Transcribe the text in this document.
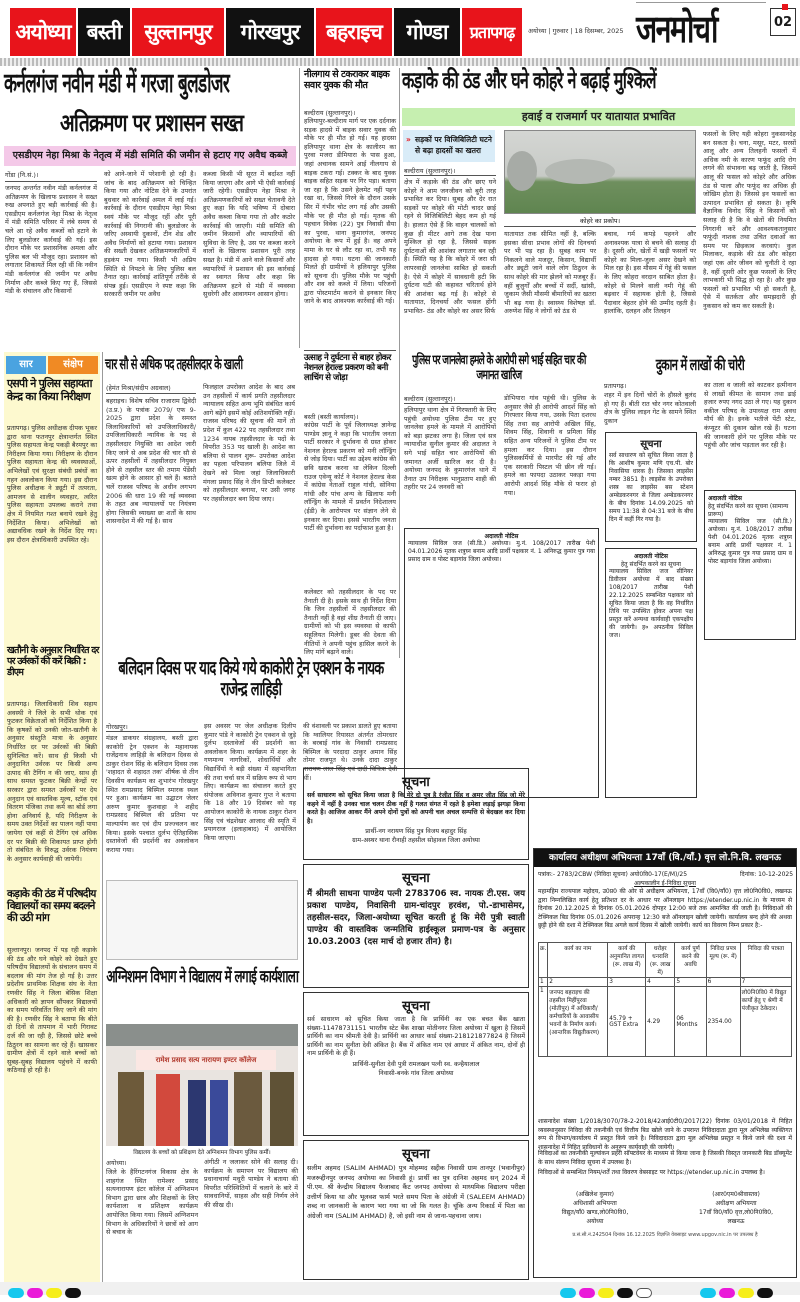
अयोध्या बस्ती	सुल्तानपुर	गोरखपुर	बहराइच	गोण्डा	प्रतापगढ़	अयोध्या | गुरुवार | 18 दिसम्बर, 2025 जनमोर्चा	02
कर्नलगंज नवीन मंडी में गरजा बुलडोजर
अतिक्रमण पर प्रशासन सख्त
एसडीएम नेहा मिश्रा के नेतृत्व में मंडी समिति की जमीन से हटाए गए अवैध कब्जे
गोंडा (नि.सं.)।
जनपद अन्तर्गत नवीन मंडी कर्नलगंज में अतिक्रमण के खिलाफ प्रशासन ने सख्त रुख अपनाते हुए बड़ी कार्रवाई की है। एसडीएम कर्नलगंज नेहा मिश्रा के नेतृत्व में मंडी समिति परिसर में लंबे समय से चले आ रहे अवैध कब्जों को हटाने के लिए बुलडोजर कार्रवाई की गई। इस दौरान मौके पर प्रशासनिक अमला और पुलिस बल भी मौजूद रहा। प्रशासन को लगातार शिकायतें मिल रही थीं कि नवीन मंडी कर्नलगंज की जमीन पर अवैध निर्माण और कब्जे किए गए हैं, जिससे मंडी के संचालन और किसानों
को आने-जाने में परेशानी हो रही है। जांच के बाद अतिक्रमण को चिन्हित किया गया और नोटिस देने के उपरांत बुधवार को कार्रवाई अमल में लाई गई। कार्रवाई के दौरान एसडीएम नेहा मिश्रा स्वयं मौके पर मौजूद रहीं और पूरी कार्रवाई की निगरानी की। बुलडोजर के जरिए अस्थायी दुकानों, टीन शेड और अवैध निर्माणों को हटाया गया। प्रशासन की सख्ती देखकर अतिक्रमणकारियों में हड़कंप मच गया। किसी भी अप्रिय स्थिति से निपटने के लिए पुलिस बल तैनात रहा। कार्रवाई शांतिपूर्ण तरीके से संपन्न हुई। एसडीएम ने स्पष्ट कहा कि सरकारी जमीन पर अवैध
कब्जा किसी भी सूरत में बर्दाश्त नहीं किया जाएगा और आगे भी ऐसी कार्रवाई जारी रहेगी। एसडीएम नेहा मिश्रा ने अतिक्रमणकारियों को सख्त चेतावनी देते हुए कहा कि यदि भविष्य में दोबारा अवैध कब्जा किया गया तो और कठोर कार्रवाई की जाएगी। मंडी समिति की जमीन किसानों और व्यापारियों की सुविधा के लिए है, उस पर कब्जा करने वालों के खिलाफ प्रशासन पूरी तरह सख्त है। मंडी में आने वाले किसानों और व्यापारियों ने प्रशासन की इस कार्रवाई का स्वागत किया और कहा कि अतिक्रमण हटने से मंडी में व्यवस्था सुधरेगी और आवागमन आसान होगा।
नीलगाय से टकराकर बाइक सवार युवक की मौत
बल्दीराय (सुल्तानपुर)।
हलियापुर-बल्दीराय मार्ग पर एक दर्दनाक सड़क हादसे में बाइक सवार युवक की मौके पर ही मौत हो गई। यह हादसा हलियापुर थाना क्षेत्र के कालीरम का पुरवा मजरा डीमियारा के पास हुआ, जहां अचानक सामने आई नीलगाय से बाइक टकरा गई। टक्कर के बाद युवक बाइक सहित सड़क पर गिर पड़ा। बताया जा रहा है कि उसने हेलमेट नहीं पहन रखा था, जिससे गिरने के दौरान उसके सिर में गंभीर चोट लग गई और उसकी मौके पर ही मौत हो गई। मृतक की पहचान विवेक (22) पुत्र निवासी सैया का पुरवा, थाना कुमारगंज, जनपद अयोध्या के रूप में हुई है। वह अपने मामा के घर से लौट रहा था, तभी यह हादसा हो गया। घटना की जानकारी मिलते ही ग्रामीणों ने हलियापुर पुलिस को सूचना दी। पुलिस मौके पर पहुंची और शव को कब्जे में लिया। परिजनों द्वारा पोस्टमार्टम कराने से इनकार किए जाने के बाद आवश्यक कार्रवाई की गई।
उत्साह ने दुर्घटना से बाहर होकर नेशनल हेराल्ड प्रकरण को बनी लाचिंग से जोड़ा
बस्ती (बस्ती कार्यालय)।
कांग्रेस पार्टी के पूर्व जिलाध्यक्ष ज्ञानेन्द्र पाण्डेय ज्ञानू ने कहा कि भारतीय जनता पार्टी सरकार ने दुर्भावना से ग्रस्त होकर नेशनल हेराल्ड प्रकरण को मनी लॉन्ड्रिंग से जोड़ दिया। पार्टी का उद्देश्य कांग्रेस की छवि खराब करना था लेकिन दिल्ली राउज एवेन्यू कोर्ट ने नेशनल हेराल्ड केस में कांग्रेस नेताओं राहुल गांधी, सोनिया गांधी और पांच अन्य के खिलाफ मनी लॉन्ड्रिंग के मामले में प्रवर्तन निदेशालय (ईडी) के आरोपपत्र पर संज्ञान लेने से इनकार कर दिया। इससे भारतीय जनता पार्टी की दुर्भावना का पर्दाफाश हुआ है।
कलेक्टर को तहसीलदार के पद पर तैनाती दी है। इसके साथ ही निर्देश दिया कि जिन तहसीलों में तहसीलदार की तैनाती नहीं है वहां शीघ्र तैनाती दी जाए। ग्रामीणों को भी इस व्यवस्था से काफी सहूलियत मिलेगी। डूबर की देवता की नीतियों ने अपनी पहुंच हासिल करने के लिए मांगें बढ़ाने वाले।
कड़ाके की ठंड और घने कोहरे ने बढ़ाई मुश्किलें
हवाई व राजमार्ग पर यातायात प्रभावित
» सड़कों पर विजिबिलिटी घटने से बढ़ा हादसों का खतरा
बल्दीराय (सुल्तानपुर)।
क्षेत्र में कड़ाके की ठंड और छाए घने कोहरे ने आम जनजीवन को बुरी तरह प्रभावित कर दिया। सुबह और देर रात सड़कों पर कोहरे की मोटी चादर छाई रहने से विजिबिलिटी बेहद कम हो गई है। हालात ऐसे हैं कि वाहन चालकों को कुछ ही मीटर आगे तक देख पाना मुश्किल हो रहा है, जिससे सड़क दुर्घटनाओं की आशंका लगातार बन रही है। स्थिति यह है कि कोहरे में जरा सी लापरवाही जानलेवा साबित हो सकती है। ऐसे में कोहरे में सावधानी हटी कि दुर्घटना घटी की कहावत चरितार्थ होने की आशंका बढ़ गई है। कोहरे से यातायात, दिनचर्या और फसल होंगी प्रभावित- ठंड और कोहरे का असर सिर्फ
कोहरे का प्रकोप।
यातायात तक सीमित नहीं है, बल्कि इसका सीधा प्रभाव लोगों की दिनचर्या पर भी पड़ रहा है। सुबह काम पर निकलने वाले मजदूर, किसान, विद्यार्थी और ड्यूटी जाने वाले लोग ठिठुरन के साथ कोहरे की मार झेलने को मजबूर हैं। वहीं बुजुर्गों और बच्चों में सर्दी, खांसी, जुकाम जैसी मौसमी बीमारियों का खतरा भी बढ़ गया है। स्वास्थ्य विशेषज्ञ डॉ. अरुणेश सिंह ने लोगों को ठंड से
बचाव, गर्म कपड़े पहनने और अनावश्यक यात्रा से बचने की सलाह दी है। दूसरी ओर, खेतों में खड़ी फसलों पर कोहरे का मिला-जुला असर देखने को मिल रहा है। इस मौसम में गेहूं की फसल के लिए कोहरा वरदान साबित होता है। कोहरे से मिलने वाली नमी गेहूं की बढ़वार में सहायक होती है, जिससे पैदावार बेहतर होने की उम्मीद रहती है। हालांकि, दलहन और तिलहन
फसलों के लिए यही कोहरा नुकसानदेह बन सकता है। चना, मसूर, मटर, सरसों आलू और अन्य तिलहनी फसलों में अधिक नमी के कारण फफूंद आदि रोग लगने की संभावना बढ़ जाती है, जिसमें आलू की फसल को कोहरे और अधिक ठंड से पाला और फफूंद का अधिक ही जोखिम होता है। जिससे इन फसलों का उत्पादन प्रभावित हो सकता है। कृषि वैज्ञानिक विनोद सिंह ने किसानों को सलाह दी है कि वे खेतों की नियमित निगरानी करें और आवश्यकतानुसार फफूंदी नाशक तथा उचित दवाओं का समय पर छिड़काव करवाएं। कुल मिलाकर, कड़ाके की ठंड और कोहरा जहां एक ओर जीवन को चुनौती दे रहा है, वहीं दूसरी ओर कुछ फसलों के लिए लाभकारी भी सिद्ध हो रहा है। और कुछ फसलों को प्रभावित भी हो सकती है, ऐसे में सतर्कता और समझदारी ही नुकसान को कम कर सकती है।
सार	संक्षेप
एसपी ने पुलिस सहायता केन्द्र का किया निरीक्षण
प्रतापगढ़। पुलिस अधीक्षक दीपक भूकर द्वारा थाना फतनपुर क्षेत्रान्तर्गत स्थित पुलिस सहायता केन्द्र पकड़ी बैरमपुर का निरीक्षण किया गया। निरीक्षण के दौरान पुलिस सहायता केन्द्र की व्यवस्थाओं, अभिलेखों एवं सुरक्षा संबंधी प्रबंधों का गहन अवलोकन किया गया। इस दौरान पुलिस अधीक्षक ने ड्यूटी में तत्परता, आमजन से शालीन व्यवहार, त्वरित पुलिस सहायता उपलब्ध कराने तथा क्षेत्र में नियमित गश्त बनाये रखने हेतु निर्देशित किया। अभिलेखों को अद्यावधिक रखने के निर्देश दिए गए। इस दौरान क्षेत्राधिकारी उपस्थित रहे।
खतौनी के अनुसार निर्धारित दर पर उर्वरकों की करें बिक्री : डीएम
प्रतापगढ़। जिलाधिकारी शिव सहाय अवस्थी ने जिले के सभी थोक एवं फुटकर विक्रेताओं को निर्देशित किया है कि कृषकों को उनकी जोत-खतौनी के अनुसार संस्तुति मात्रा के अनुसार निर्धारित दर पर उर्वरकों की बिक्री सुनिश्चित करें। साथ ही किसी भी अनुदानित उर्वरक पर किसी अन्य उत्पाद की टैगिंग न की जाए, साथ ही साथ समस्त फुटकर बिक्री केन्द्रों पर सरकार द्वारा समस्त उर्वरकों पर देय अनुदान एवं वास्तविक मूल्य, स्टॉक एवं वितरण पंजिका तथा कर्म का बोर्ड लगा होना अनिवार्य है, यदि निरीक्षण के समय उक्त निर्देशों का पालन नहीं पाया जायेगा एवं कहीं से टैगिंग एवं अधिक दर पर बिक्री की शिकायत प्राप्त होगी तो संबंधित के विरुद्ध उर्वरक नियंत्रण के अनुसार कार्यवाही की जायेगी।
कड़ाके की ठंड में परिषदीय विद्यालयों का समय बदलने की उठी मांग
सुल्तानपुर। जनपद में पड़ रही कड़ाके की ठंड और घने कोहरे को देखते हुए परिषदीय विद्यालयों के संचालन समय में बदलाव की मांग तेज हो गई है। उत्तर प्रदेशीय प्राथमिक शिक्षक संघ के नेता रणवीर सिंह ने जिला बेसिक शिक्षा अधिकारी को ज्ञापन सौंपकर विद्यालयों का समय परिवर्तित किए जाने की मांग की है। रणवीर सिंह ने बताया कि बीते दो दिनों से तापमान में भारी गिरावट दर्ज की जा रही है, जिससे छोटे बच्चे ठिठुरन का सामना कर रहे हैं। खासकर ग्रामीण क्षेत्रों में रहने वाले बच्चों को सुबह-सुबह विद्यालय पहुंचने में काफी कठिनाई हो रही है।
चार सौ से अधिक पद तहसीलदार के खाली
(हेमंत मिश्रा/संदीप अग्रवाल)
बहराइच। विशेष सचिव राजाराम द्विवेदी (उ.प्र.) के पत्रांक 2079/ एफ 9-2025 द्वारा प्रदेश के समस्त जिलाधिकारियों को उपजिलाधिकारी/ उपजिलाधिकारी न्यायिक के पद से तहसीलदार नियुक्ति का आदेश जारी किए जाने से अब प्रदेश की चार सौ से ऊपर तहसीलों में तहसीलदार नियुक्त होने से तहसील स्तर की तमाम पेंडेंसी खत्म होने के आसार हो चले हैं। बताते चलें राजस्व परिषद के अधीन लगभग 2006 की धारा 19 की नई व्यवस्था के तहत अब न्यायालयों पर नियंत्रण होगा जिसकी व्याख्या छः शर्तों के साथ शासनादेश में की गई है। साथ
फिलहाल उपरोक्त आदेश के बाद अब उन तहसीलों में कार्य प्रगति तहसीलदार न्यायालय सहित अन्य भूमि संबंधित कार्य आगे बढ़ेंगे इसमें कोई अतिशयोक्ति नहीं। राजस्व परिषद की सूचना की मानें तो प्रदेश में कुल 422 पद तहसीलदार तथा 1234 नायब तहसीलदार के पदों के विपरीत 353 पद खाली है। आदेश का बलिया से पालन शुरू- उपरोक्त आदेश का पहला परिपालन बलिया जिले में देखने को मिला जहां जिलाधिकारी मंगला प्रसाद सिंह ने तीन डिप्टी कलेक्टर को तहसीलदार बनाया, पर उसी जगह पर तहसीलदार बना दिया जाए।
पुलिस पर जानलेवा हमले के आरोपी सगे भाई सहित चार की जमानत खारिज
बल्दीराय (सुल्तानपुर)।
हलियापुर थाना क्षेत्र में गिरफ्तारी के लिए पहुंची अयोध्या पुलिस टीम पर हुए जानलेवा हमले के मामले में आरोपियों को बड़ा झटका लगा है। जिला एवं सत्र न्यायाधीश सुनील कुमार की अदालत ने सगे भाई सहित चार आरोपियों की जमानत अर्जी खारिज कर दी है। अयोध्या जनपद के कुमारगंज थाने में तैनात उप निरीक्षक भानुप्रताप शाही की तहरीर पर 24 जनवरी को
डोभियारा गांव पहुंची थी। पुलिस के अनुसार जैसे ही आरोपी आदर्श सिंह को गिरफ्तार किया गया, उसके पिता दशरथ सिंह तथा सह आरोपी अखिल सिंह, शिवम सिंह, शिवानी व प्रमिला सिंह सहित अन्य परिजनों ने पुलिस टीम पर हमला कर दिया। इस दौरान पुलिसकर्मियों से मारपीट की गई और एक सरकारी पिस्टल भी छीन ली गई। हमले का फायदा उठाकर पकड़ा गया आरोपी आदर्श सिंह मौके से फरार हो गया।
दुकान में लाखों की चोरी
प्रतापगढ़।
शहर में इन दिनों चोरों के हौसले बुलंद हो गए हैं। बीती रात चोर नगर कोतवाली क्षेत्र के पुलिस लाइन गेट के सामने स्थित दुकान
का ताला व जाली को काटकर इत्मीनान से लाखों कीमत के सामान तथा ढाई हजार रुपए नगद उठा ले गए। यह दुकान वकील परिषद के उपाध्यक्ष राम अवध मौर्य की है। इनके भतीजे पेंटी स्टेट, कंप्यूटर की दुकान खोल रखे हैं। घटना की जानकारी होने पर पुलिस मौके पर पहुंची और जांच पड़ताल कर रही है।
सूचना
सर्व साधारण को सूचित किया जाता है कि आशीष कुमार मणि एच.पी. बोर निवासिया धारक है। जिसका लाइसेंस नम्बर 3851 है। लाइसेंस के उपरोक्त शस्त्र का लाइसेंस बस स्टेशन अम्बेडकरनगर से जिला अम्बेडकरनगर के बीच दिनांक 14.09.2025 को समय 11:38 से 04:31 बजे के बीच दिन में कहीं गिर गया है।
अदालती नोटिस
हेतु संदर्भित करने का सूचना (सामान्य प्रारूप)
न्यायालय सिविल जज (सी.डि.) अयोध्या। मु.नं. 108/2017 तारीख पेशी 04.01.2026 मृतक शत्रुघ्न बनाम आदि प्रार्थी पक्षकार नं. 1 अनिरुद्ध कुमार पुत्र गया प्रसाद ग्राम व पोस्ट बड़ागांव जिला अयोध्या।
अदालती नोटिस
हेतु संदर्भित करने का सूचना
न्यायालय सिविल जज सीनियर डिवीजन अयोध्या में बाद संख्या 108/2017 तारीख पेशी 22.12.2025 सम्बन्धित पक्षकार को सूचित किया जाता है कि वह निर्धारित तिथि पर उपस्थित होकर अपना पक्ष प्रस्तुत करें अन्यथा कार्यवाही एकपक्षीय की जायेगी। ह० अपठनीय सिविल जज।
अदालती नोटिस
न्यायालय सिविल जज (सी.डि.) अयोध्या। मु.नं. 108/2017 तारीख पेशी 04.01.2026 मृतक शत्रुघ्न बनाम आदि प्रार्थी पक्षकार नं. 1 अनिरुद्ध कुमार पुत्र गया प्रसाद ग्राम व पोस्ट बड़ागांव जिला अयोध्या।
बलिदान दिवस पर याद किये गये काकोरी ट्रेन एक्शन के नायक राजेन्द्र लाहिड़ी
गोरखपुर।
मंडल डाकघर संग्रहालय, बस्ती द्वारा काकोरी ट्रेन एक्शन के महानायक राजेंद्रनाथ लाहिड़ी के बलिदान दिवस से ठाकुर रोशन सिंह के बलिदान दिवस तक 'शहादत से शहादत तक' शीर्षक से तीन दिवसीय कार्यक्रम का शुभारंभ गोरखपुर स्थित रामप्रसाद बिस्मिल स्मारक स्थल पर हुआ। कार्यक्रम का उद्घाटन जेलर अरुण कुमार कुशवाहा ने शहीद रामप्रसाद बिस्मिल की प्रतिमा पर माल्यार्पण कर एवं दीप प्रज्ज्वलन कर किया। इसके पश्चात दुर्लभ ऐतिहासिक दस्तावेजों की प्रदर्शनी का अवलोकन कराया गया।
इस अवसर पर जेल अधीक्षक दिलीप कुमार पांडे ने काकोरी ट्रेन एक्शन से जुड़े दुर्लभ दस्तावेजों की प्रदर्शनी का अवलोकन किया। कार्यक्रम में शहर के गणमान्य नागरिकों, शोधार्थियों और विद्यार्थियों ने बड़ी संख्या में सहभागिता की तथा चर्चा सत्र में सक्रिय रूप से भाग लिए। कार्यक्रम का संचालन करते हुए संयोजक अविनाश कुमार गुप्त ने बताया कि 18 और 19 दिसंबर को यह आयोजन काकोरी के नायक ठाकुर रोशन सिंह एवं चंद्रशेखर आजाद की स्मृति में प्रयागराज (इलाहाबाद) में आयोजित किया जाएगा।
की वंशावली पर प्रकाश डालते हुए बताया कि ग्वालियर रियासत अंतर्गत तोमरधार के बरबाई गांव के निवासी रामप्रसाद बिस्मिल के परदादा ठाकुर अमान सिंह तोमर राजपूत थे। उनके दादा ठाकुर नारायण लाल सिंह एवं दादी विचित्रा देवी थीं।	सूचना
सर्व साधारण को सूचित किया जाता है कि मेरे दो पुत्र है रंजीत सिंह व अमर जीत सिंह जो मेरे कहने में नहीं है उनका चाल चलन ठीक नहीं है गलत संगत में रहते है हमेशा लड़ाई झगड़ा किया करते है। आजिज आकर मैंने अपने दोनों पुत्रों को अपनी चल अचल सम्पत्ति से बेदखल कर दिया है।
प्रार्थी-नग नरायण सिंह पुत्र विजय बहादुर सिंह
ग्राम-अस्थर थाना रौनाही तहसील सोहावल जिला अयोध्या
सूचना
मैं श्रीमती साधना पाण्डेय पत्नी 2783706 स्व. नायक टी.एस. जय प्रकाश पाण्डेय, निवासिनी ग्राम-चांदपुर हरवंश, पो.-डाभासेमर, तहसील-सदर, जिला-अयोध्या सूचित करती हूं कि मेरी पुत्री स्वाती पाण्डेय की वास्तविक जन्मतिथि हाईस्कूल प्रमाण-पत्र के अनुसार 10.03.2003 (दस मार्च दो हजार तीन) है।
सूचना
सर्व साधारण को सूचित किया जाता है कि प्रार्थिनी का एक बचत बैंक खाता संख्या-11478731151 भारतीय स्टेट बैंक शाखा मोतीनगर जिला अयोध्या में खुला है जिसमें प्रार्थिनी का नाम श्रीमती देवी है। प्रार्थिनी का आधार कार्ड संख्या-218121877824 है जिसमें प्रार्थिनी का नाम सुनीता देवी अंकित है। बैंक में अंकित नाम एवं आधार में अंकित नाम, दोनों ही नाम प्रार्थिनी के ही हैं।
प्रार्थिनी-सुनीता देवी पुत्री रामलखन पत्नी स्व. कन्हैयालाल
निवासी-बनके गांव जिला अयोध्या
सूचना
सलीम अहमद (SALIM AHMAD) पुत्र मोहम्मद सद्दीक निवासी ग्राम तानपुर (भवानीपुर) मजरूद्दीनपुर जनपद अयोध्या का निवासी हूं। प्रार्थी का पुत्र दानिश अहमद सन् 2024 में पी.एम. श्री केन्द्रीय विद्यालय फैजाबाद कैंट जनपद अयोध्या से माध्यमिक विद्यालय परीक्षा उत्तीर्ण किया था और भूलवश फार्म भरते समय पिता के अंग्रेजी में (SALEEM AHMAD) शब्द ना जानकारी के कारण भरा गया था जो कि गलत है। चूंकि अन्य रिकार्ड में पिता का अंग्रेजी नाम (SALIM AHMAD) है, जो इसी नाम से जाना-पहचाना जाय।
अग्निशमन विभाग ने विद्यालय में लगाई कार्यशाला
रामेश प्रसाद सत्य नारायण इण्टर कॉलेज
विद्यालय के बच्चों को प्रशिक्षण देते अग्निशमन विभाग पुलिस कर्मी।
अयोध्या।
जिले के हैरिंगटनगंज विकास क्षेत्र के शाहगंज स्थित रामेश्वर प्रसाद सत्यनारायण इंटर कॉलेज में अग्निशमन विभाग द्वारा छात्र और शिक्षकों के लिए कार्यशाला व प्रशिक्षण कार्यक्रम आयोजित किया गया। जिसमें अग्निशमन विभाग के अधिकारियों ने छात्रों को आग से बचाव के
अंगीठी न जलाकर सोने की सलाह दी। कार्यक्रम के समापन पर विद्यालय की प्रधानाचार्या मधुरी पाण्डेय ने बताया की विपरीत परिस्थितियों में चलाने के बारे में सावधानियों, साहस और सही निर्णय लेने की सीख दी।
कार्यालय अधीक्षण अभियन्ता 17वाँ (वि./याँ.) वृत्त लो.नि.वि. लखनऊ
पत्रांक:- 2783/2CBW (निविदा सूचना) अयो0वि0-17(E/M)/25	दिनांक: 10-12-2025
अल्पकालीन ई-निविदा सूचना
महामहिम राज्यपाल महोदय, उ0प्र0 की ओर से अधीक्षण अभियन्ता, 17वाँ (वि0/याँ0) वृत्त लो0नि0वि0, लखनऊ द्वारा निम्नलिखित कार्य हेतु प्रतिशत दर के आधार पर ऑनलाइन https://etender.up.nic.in के माध्यम से दिनांक 20.12.2025 से दिनांक 05.01.2026 दोपहर 12:00 बजे तक आमन्त्रित की जाती है। निविदाओं की टेक्निकल बिड दिनांक 05.01.2026 अपरान्ह 12:30 बजे ऑनलाइन खोली जायेगी। कार्यालय बन्द होने की अथवा छुट्टी होने की दशा में टेक्निकल बिड अगले कार्य दिवस में खोली जायेगी। कार्य का विवरण निम्न प्रकार है:-
क्र.	कार्य का नाम	कार्य की अनुमानित लागत (रू. लाख में)	धरोहर धनराशि (रू. लाख में)	कार्य पूर्ण करने की अवधि	निविदा प्रपत्र मूल्य (रू. में)	निविदा की पात्रता
1	2	3	4	5	6	7
1	जनपद बहराइच की तहसील मिहींपुरवा (मोतीपुर) में अधिकारी/कर्मचारियों के आवासीय भवनों के निर्माण कार्य। (आन्तरिक विद्युतीकरण)	45.79 + GST Extra	4.29	06 Months	2354.00	लो0नि0वि0 में विद्युत कार्यो हेतु ए श्रेणी में पंजीकृत ठेकेदार।
शासनादेश संख्या 1/2018/3070/78-2-2018/42आई0टी0/2017(22) दिनांक 03/01/2018 में निहित व्यवस्थानुसार निविदा की तकनीकी एवं वित्तीय बिड खोले जाने के उपरान्त निविदादाता द्वारा मूल अभिलेख व्यक्तिगत रूप से विभाग/कार्यालय में प्रस्तुत किये जाने है। निविदादाता द्वारा मूल अभिलेख प्रस्तुत न किये जाने की दशा में शासनादेश में निहित प्राविधानों के अनुरूप कार्यवाही की जायेगी।
निविदाओं का तकनीकी मूल्यांकन प्रहरी सॉफ्टवेयर के माध्यम से किया जाना है जिसकी विस्तृत जानकारी बिड डॉक्यूमेंट के साथ संलग्न निविदा सूचना में उपलब्ध है।
निविदाओं से सम्बन्धित नियम/शर्तें तथा विवरण वेबसाइट पर https://etender.up.nic.in उपलब्ध है।
(अखिलेश कुमार)
अधिशासी अभियन्ता
विद्युत/याँ0 खण्ड,लो0नि0वि0,
अयोध्या
(आर0एम0श्रीवास्तव)
अधीक्षण अभियन्ता
17वाँ वि0/याँ0 वृत्त,लो0नि0वि0,
लखनऊ
प्र.सं.सी.नं.242504 दिनांक 16.12.2025 विज्ञप्ति वेबसाइट www.upgov.nic.in पर उपलब्ध है
